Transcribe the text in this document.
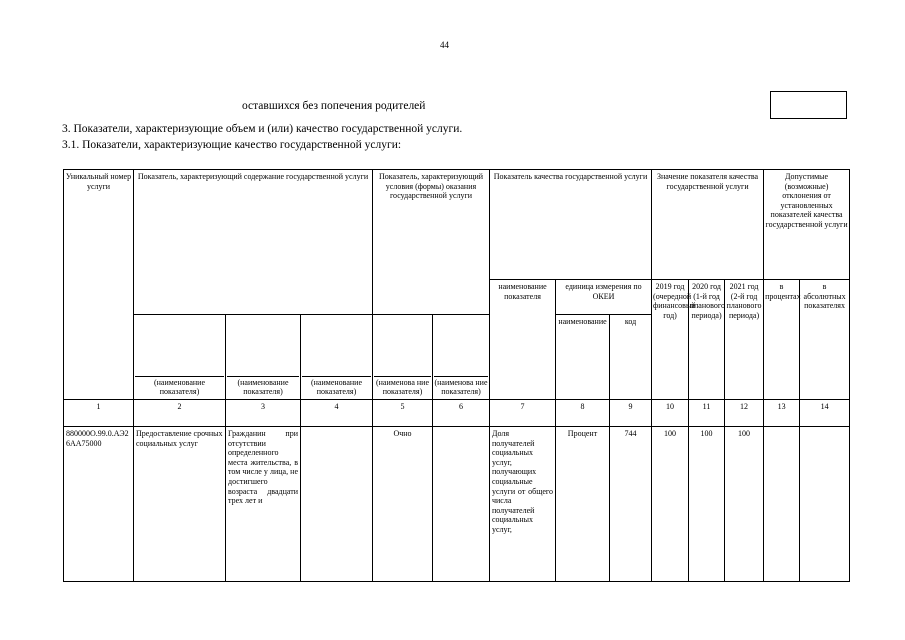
44
оставшихся без попечения родителей
3. Показатели, характеризующие объем и (или) качество государственной услуги.
3.1. Показатели, характеризующие качество государственной услуги:
Уникальный номер услуги	Показатель, характеризующий содержание государственной услуги			Показатель, характеризующий условия (формы) оказания государственной услуги		Показатель качества государственной услуги			Значение показателя качества государственной услуги			Допустимые (возможные) отклонения от установленных показателей качества государственной услуги	
						наименование показателя	единица измерения по ОКЕИ		2019 год (очередной финансовый год)	2020 год (1-й год планового периода)	2021 год (2-й год планового периода)	в процентах	в абсолютных показателях
	(наименование показателя)	(наименование показателя)	(наименование показателя)	(наименова ние показателя)	(наименова ние показателя)		наименование	код					
1	2	3	4	5	6	7	8	9	10	11	12	13	14
880000О.99.0.АЭ26АА75000	Предоставление срочных социальных услуг	Гражданин при отсутствии определенного места жительства, в том числе у лица, не достигшего возраста двадцати трех лет и		Очно		Доля получателей социальных услуг, получающих социальные услуги от общего числа получателей социальных услуг,	Процент	744	100	100	100		
